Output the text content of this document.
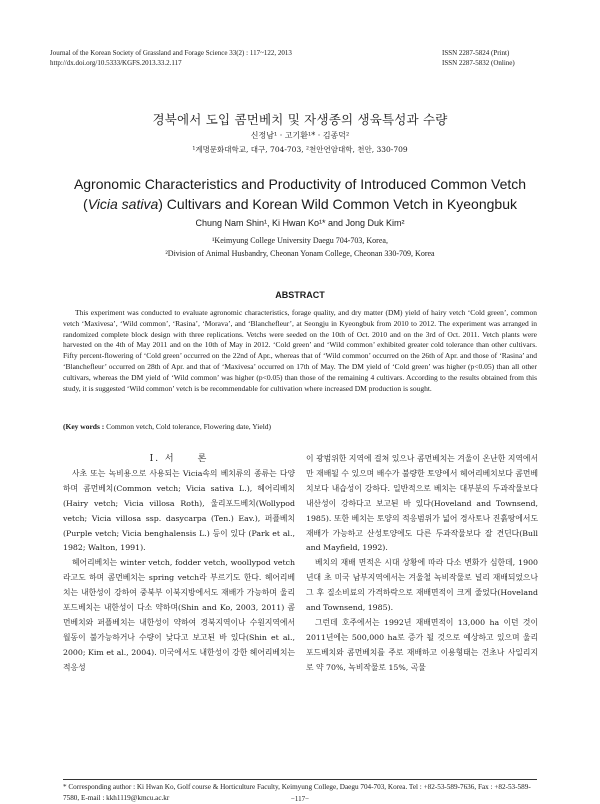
Journal of the Korean Society of Grassland and Forage Science 33(2) : 117~122, 2013
http://dx.doi.org/10.5333/KGFS.2013.33.2.117
ISSN 2287-5824 (Print)
ISSN 2287-5832 (Online)
경북에서 도입 콤먼베치 및 자생종의 생육특성과 수량
신정남¹ · 고기환¹* · 김종덕²
¹계명문화대학교, 대구, 704-703, ²천안연암대학, 천안, 330-709
Agronomic Characteristics and Productivity of Introduced Common Vetch
(Vicia sativa) Cultivars and Korean Wild Common Vetch in Kyeongbuk
Chung Nam Shin¹, Ki Hwan Ko¹* and Jong Duk Kim²
¹Keimyung College University Daegu 704-703, Korea,
²Division of Animal Husbandry, Cheonan Yonam College, Cheonan 330-709, Korea
ABSTRACT
This experiment was conducted to evaluate agronomic characteristics, forage quality, and dry matter (DM) yield of hairy vetch ‘Cold green’, common vetch ‘Maxivesa’, ‘Wild common’, ‘Rasina’, ‘Morava’, and ‘Blanchefleur’, at Seongju in Kyeongbuk from 2010 to 2012. The experiment was arranged in randomized complete block design with three replications. Vetchs were seeded on the 10th of Oct. 2010 and on the 3rd of Oct. 2011. Vetch plants were harvested on the 4th of May 2011 and on the 10th of May in 2012. ‘Cold green’ and ‘Wild common’ exhibited greater cold tolerance than other cultivars. Fifty percent-flowering of ‘Cold green’ occurred on the 22nd of Apr., whereas that of ‘Wild common’ occurred on the 26th of Apr. and those of ‘Rasina’ and ‘Blanchefleur’ occurred on 28th of Apr. and that of ‘Maxivesa’ occurred on 17th of May. The DM yield of ‘Cold green’ was higher (p<0.05) than all other cultivars, whereas the DM yield of ‘Wild common’ was higher (p<0.05) than those of the remaining 4 cultivars. According to the results obtained from this study, it is suggested ‘Wild common’ vetch is be recommendable for cultivation where increased DM production is sought.
(Key words : Common vetch, Cold tolerance, Flowering date, Yield)

Ⅰ. 서　　론

사초 또는 녹비용으로 사용되는 Vicia속의 베치류의 종류는 다양하며 콤먼베치(Common vetch; Vicia sativa L.), 헤어리베치(Hairy vetch; Vicia villosa Roth), 울리포드베치(Wollypod vetch; Vicia villosa ssp. dasycarpa (Ten.) Eav.), 퍼플베치(Purple vetch; Vicia benghalensis L.) 등이 있다 (Park et al., 1982; Walton, 1991).

헤어리베치는 winter vetch, fodder vetch, woollypod vetch 라고도 하며 콤먼베치는 spring vetch라 부르기도 한다. 헤어리베치는 내한성이 강하여 중북부 이북지방에서도 재배가 가능하며 울리포드베치는 내한성이 다소 약하며(Shin and Ko, 2003, 2011) 콤먼베치와 퍼플베치는 내한성이 약하여 경북지역이나 수원지역에서 월동이 불가능하거나 수량이 낮다고 보고된 바 있다(Shin et al., 2000; Kim et al., 2004). 미국에서도 내한성이 강한 헤어리베치는 적응성

이 광범위한 지역에 걸쳐 있으나 콤먼베치는 겨울이 온난한 지역에서만 재배될 수 있으며 배수가 불량한 토양에서 헤어리베치보다 콤먼베치보다 내습성이 강하다. 일반적으로 베치는 대부분의 두과작물보다 내산성이 강하다고 보고된 바 있다(Hoveland and Townsend, 1985). 또한 베치는 토양의 적응범위가 넓어 경사토나 진흙땅에서도 재배가 가능하고 산성토양에도 다른 두과작물보다 잘 견딘다(Bull and Mayfield, 1992).

베치의 재배 면적은 시대 상황에 따라 다소 변화가 심한데, 1900년대 초 미국 남부지역에서는 겨울철 녹비작물로 널리 재배되었으나 그 후 질소비료의 가격하락으로 재배면적이 크게 줄었다(Hoveland and Townsend, 1985).

그런데 호주에서는 1992년 재배면적이 13,000 ha 이던 것이 2011년에는 500,000 ha로 증가 될 것으로 예상하고 있으며 울리포드베치와 콤먼베치를 주로 재배하고 이용형태는 건초나 사일리지로 약 70%, 녹비작물로 15%, 곡물

* Corresponding author : Ki Hwan Ko, Golf course & Horticulture Faculty, Keimyung College, Daegu 704-703, Korea. Tel : +82-53-589-7636, Fax : +82-53-589-7580, E-mail : kkh1119@kmcu.ac.kr	−117−
